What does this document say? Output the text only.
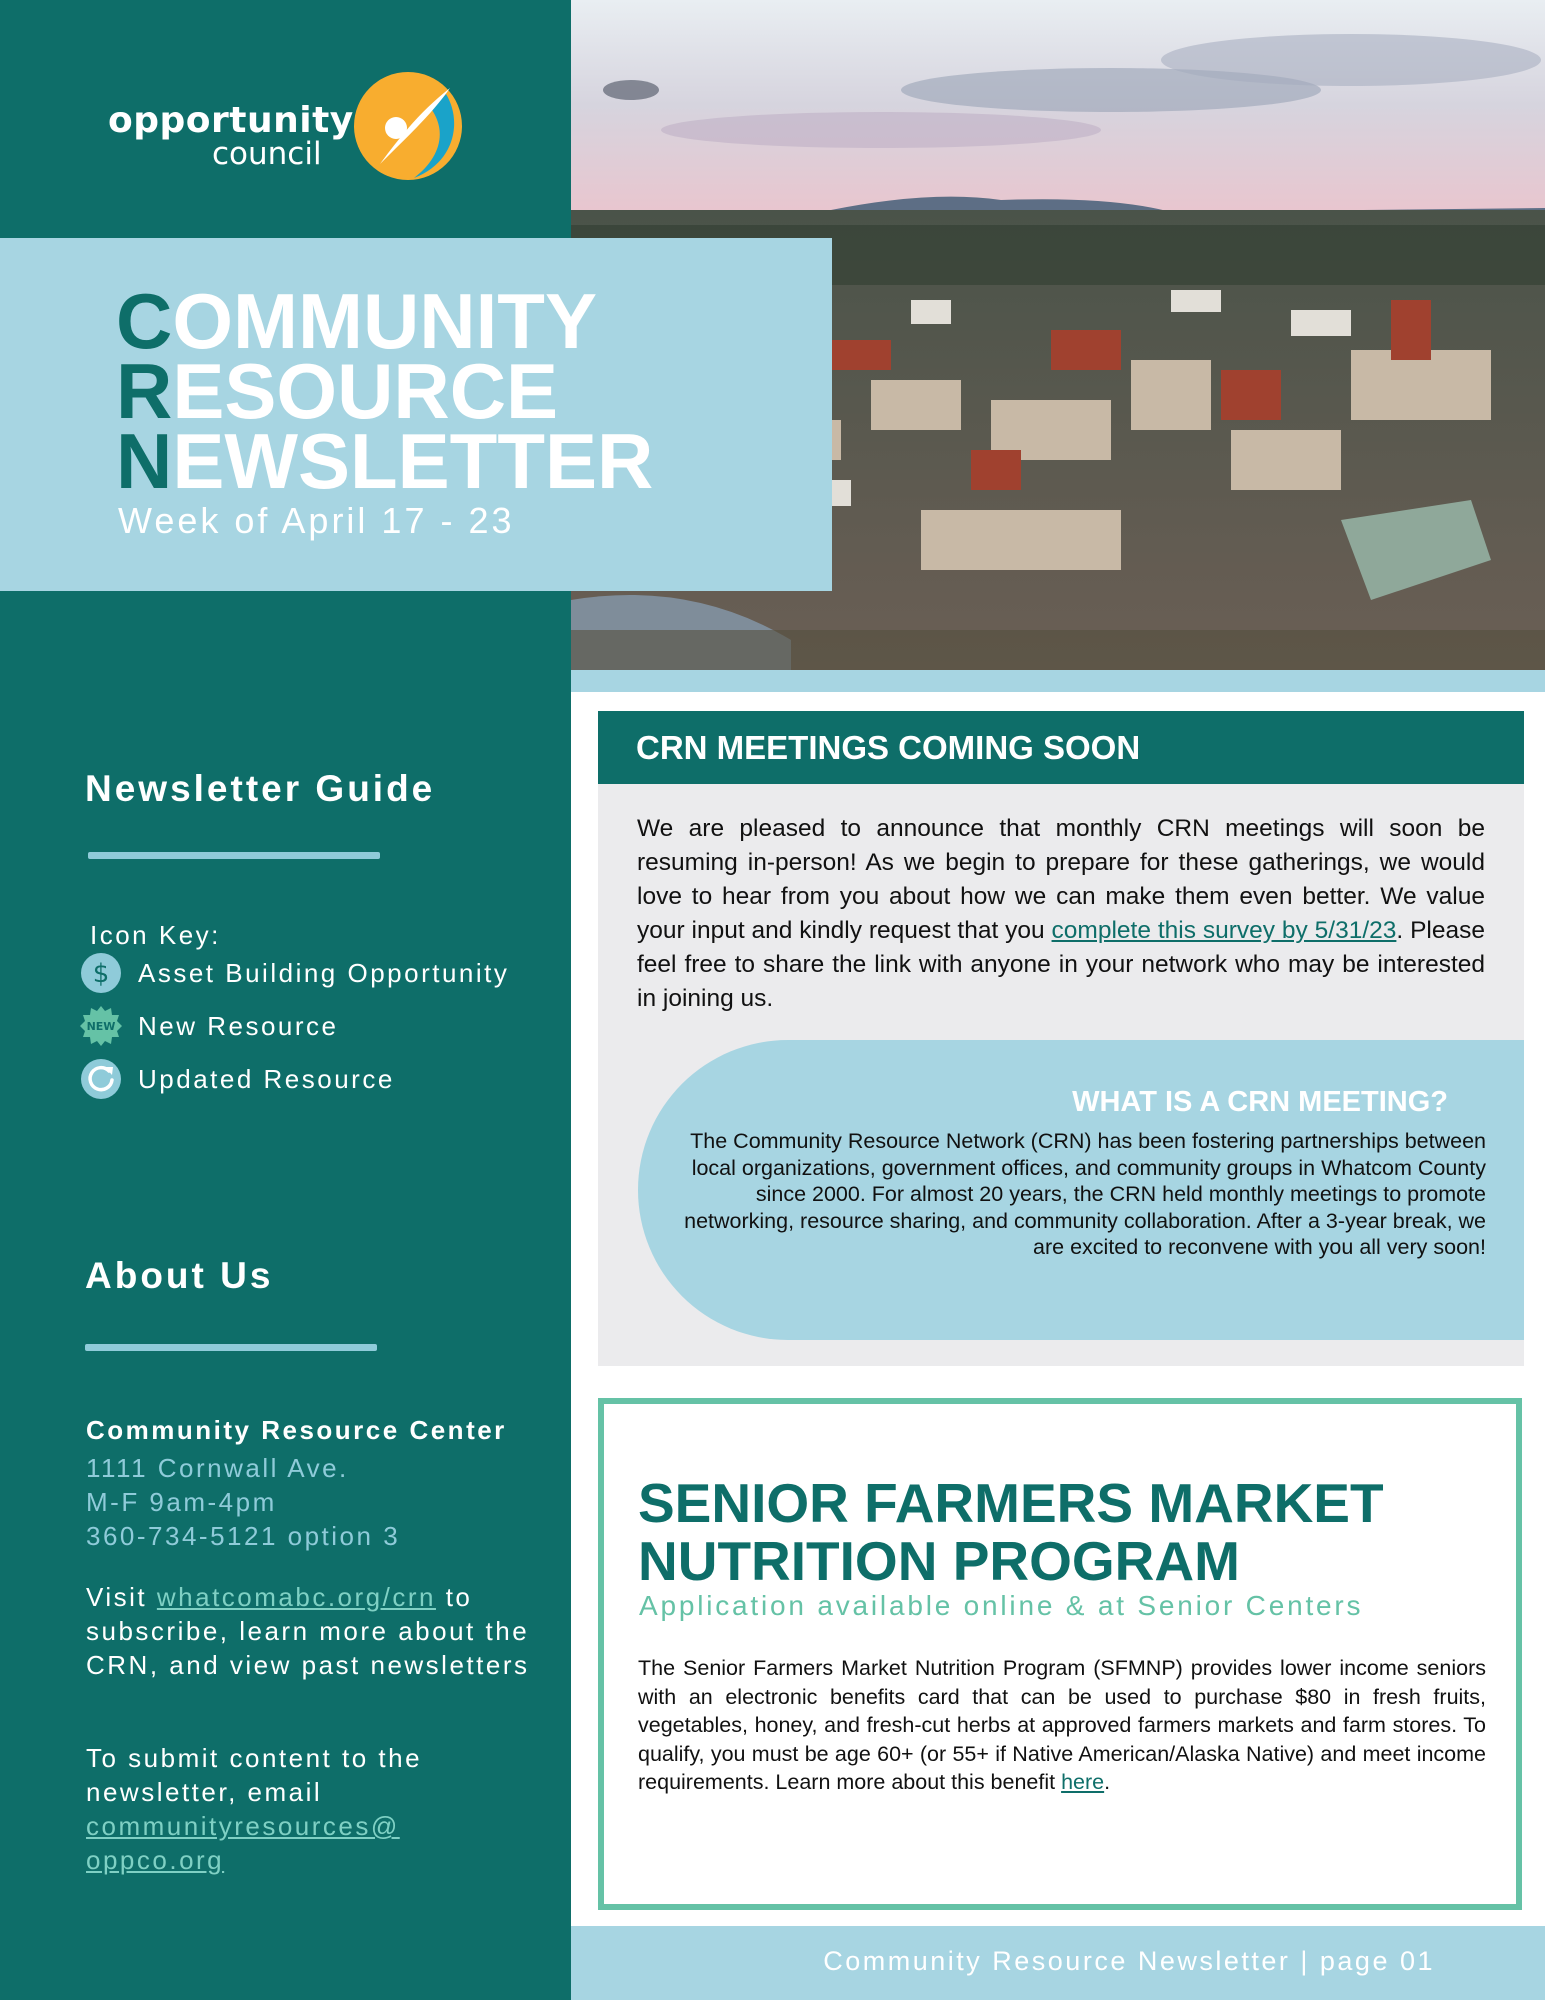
opportunity
council
Newsletter Guide
Icon Key:
$ Asset Building Opportunity
NEW New Resource
Updated Resource
About Us
Community Resource Center
1111 Cornwall Ave.
M-F 9am-4pm
360-734-5121 option 3
Visit whatcomabc.org/crn to subscribe, learn more about the CRN, and view past newsletters
To submit content to the newsletter, email communityresources@ oppco.org
COMMUNITY
RESOURCE
NEWSLETTER
Week of April 17 - 23
CRN MEETINGS COMING SOON
We are pleased to announce that monthly CRN meetings will soon be resuming in-person! As we begin to prepare for these gatherings, we would love to hear from you about how we can make them even better. We value your input and kindly request that you complete this survey by 5/31/23. Please feel free to share the link with anyone in your network who may be interested in joining us.
WHAT IS A CRN MEETING?
The Community Resource Network (CRN) has been fostering partnerships between local organizations, government offices, and community groups in Whatcom County since 2000. For almost 20 years, the CRN held monthly meetings to promote networking, resource sharing, and community collaboration. After a 3-year break, we are excited to reconvene with you all very soon!
SENIOR FARMERS MARKET
NUTRITION PROGRAM
Application available online & at Senior Centers
The Senior Farmers Market Nutrition Program (SFMNP) provides lower income seniors with an electronic benefits card that can be used to purchase $80 in fresh fruits, vegetables, honey, and fresh-cut herbs at approved farmers markets and farm stores. To qualify, you must be age 60+ (or 55+ if Native American/Alaska Native) and meet income requirements. Learn more about this benefit here.
Community Resource Newsletter | page 01
